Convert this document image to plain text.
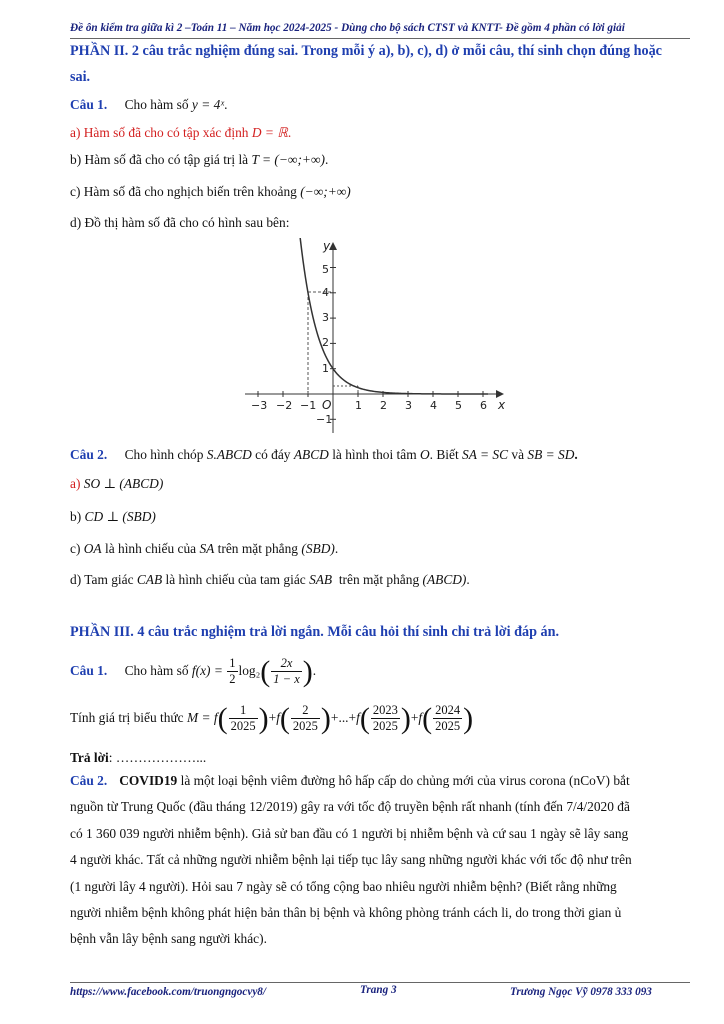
Đề ôn kiểm tra giữa kì 2 –Toán 11 – Năm học 2024-2025 - Dùng cho bộ sách CTST và KNTT- Đề gồm 4 phần có lời giải
PHẦN II. 2 câu trắc nghiệm đúng sai. Trong mỗi ý a), b), c), d) ở mỗi câu, thí sinh chọn đúng hoặc
sai.
Câu 1. Cho hàm số y = 4ˣ.
a) Hàm số đã cho có tập xác định D = ℝ.
b) Hàm số đã cho có tập giá trị là T = (−∞;+∞).
c) Hàm số đã cho nghịch biến trên khoảng (−∞;+∞)
d) Đồ thị hàm số đã cho có hình sau bên:
y
x
O
−3 −2 −1	1 2 3 4 5 6
5
4
3
2
1
−1
Câu 2. Cho hình chóp S.ABCD có đáy ABCD là hình thoi tâm O. Biết SA = SC và SB = SD.
a) SO ⊥ (ABCD)
b) CD ⊥ (SBD)
c) OA là hình chiếu của SA trên mặt phẳng (SBD).
d) Tam giác CAB là hình chiếu của tam giác SAB trên mặt phẳng (ABCD).
PHẦN III. 4 câu trắc nghiệm trả lời ngắn. Mỗi câu hỏi thí sinh chỉ trả lời đáp án.
Câu 1. Cho hàm số $f(x) = \frac{1}{2} \log_2( \frac{2x}{1 - x}$ ).
Tính giá trị biểu thức $M = f( \frac{1}{2025} )+f( \frac{2}{2025} )+...+f( \frac{2023}{2025} )+f( \frac{2024}{2025}$ )
Trả lời: ………………...
Câu 2. COVID19 là một loại bệnh viêm đường hô hấp cấp do chủng mới của virus corona (nCoV) bắt
nguồn từ Trung Quốc (đầu tháng 12/2019) gây ra với tốc độ truyền bệnh rất nhanh (tính đến 7/4/2020 đã
có 1 360 039 người nhiễm bệnh). Giả sử ban đầu có 1 người bị nhiễm bệnh và cứ sau 1 ngày sẽ lây sang
4 người khác. Tất cả những người nhiễm bệnh lại tiếp tục lây sang những người khác với tốc độ như trên
(1 người lây 4 người). Hỏi sau 7 ngày sẽ có tổng cộng bao nhiêu người nhiễm bệnh? (Biết rằng những
người nhiễm bệnh không phát hiện bản thân bị bệnh và không phòng tránh cách li, do trong thời gian ủ
bệnh vẫn lây bệnh sang người khác).
https://www.facebook.com/truongngocvy8/	Trang 3	Trương Ngọc Vỹ 0978 333 093
